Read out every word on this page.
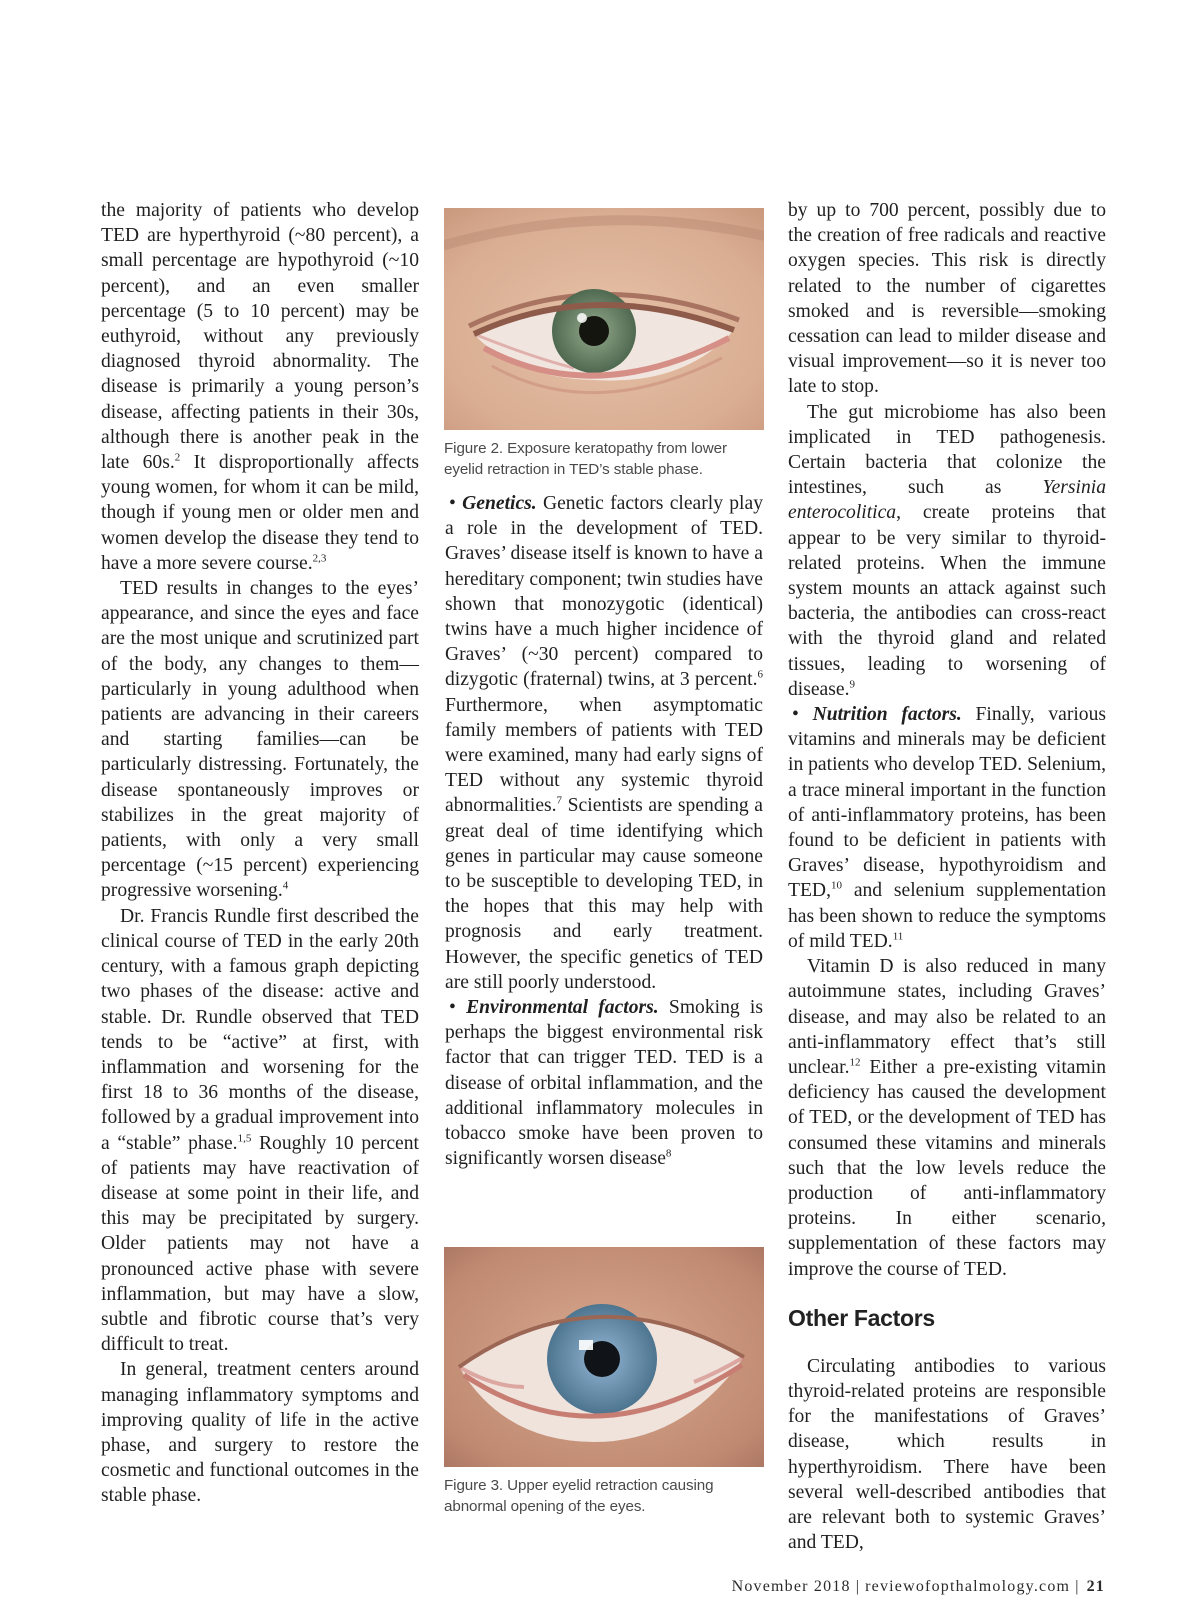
the majority of patients who develop TED are hyperthyroid (~80 percent), a small percentage are hypothyroid (~10 percent), and an even smaller percentage (5 to 10 percent) may be euthyroid, without any previously diagnosed thyroid abnormality. The disease is primarily a young person’s disease, affecting patients in their 30s, although there is another peak in the late 60s.$^2$ It disproportionally affects young women, for whom it can be mild, though if young men or older men and women develop the disease they tend to have a more severe course.$^{2,3}$

TED results in changes to the eyes’ appearance, and since the eyes and face are the most unique and scrutinized part of the body, any changes to them—particularly in young adulthood when patients are advancing in their careers and starting families—can be particularly distressing. Fortunately, the disease spontaneously improves or stabilizes in the great majority of patients, with only a very small percentage (~15 percent) experiencing progressive worsening.$^4$

Dr. Francis Rundle first described the clinical course of TED in the early 20th century, with a famous graph depicting two phases of the disease: active and stable. Dr. Rundle observed that TED tends to be “active” at first, with inflammation and worsening for the first 18 to 36 months of the disease, followed by a gradual improvement into a “stable” phase.$^{1,5}$ Roughly 10 percent of patients may have reactivation of disease at some point in their life, and this may be precipitated by surgery. Older patients may not have a pronounced active phase with severe inflammation, but may have a slow, subtle and fibrotic course that’s very difficult to treat.

In general, treatment centers around managing inflammatory symptoms and improving quality of life in the active phase, and surgery to restore the cosmetic and functional outcomes in the stable phase.

Figure 2. Exposure keratopathy from lower eyelid retraction in TED’s stable phase.

• Genetics. Genetic factors clearly play a role in the development of TED. Graves’ disease itself is known to have a hereditary component; twin studies have shown that monozygotic (identical) twins have a much higher incidence of Graves’ (~30 percent) compared to dizygotic (fraternal) twins, at 3 percent.$^6$ Furthermore, when asymptomatic family members of patients with TED were examined, many had early signs of TED without any systemic thyroid abnormalities.$^7$ Scientists are spending a great deal of time identifying which genes in particular may cause someone to be susceptible to developing TED, in the hopes that this may help with prognosis and early treatment. However, the specific genetics of TED are still poorly understood.

• Environmental factors. Smoking is perhaps the biggest environmental risk factor that can trigger TED. TED is a disease of orbital inflammation, and the additional inflammatory molecules in tobacco smoke have been proven to significantly worsen disease$^8$

Figure 3. Upper eyelid retraction causing abnormal opening of the eyes.

by up to 700 percent, possibly due to the creation of free radicals and reactive oxygen species. This risk is directly related to the number of cigarettes smoked and is reversible—smoking cessation can lead to milder disease and visual improvement—so it is never too late to stop.

The gut microbiome has also been implicated in TED pathogenesis. Certain bacteria that colonize the intestines, such as Yersinia enterocolitica, create proteins that appear to be very similar to thyroid-related proteins. When the immune system mounts an attack against such bacteria, the antibodies can cross-react with the thyroid gland and related tissues, leading to worsening of disease.$^9$

• Nutrition factors. Finally, various vitamins and minerals may be deficient in patients who develop TED. Selenium, a trace mineral important in the function of anti-inflammatory proteins, has been found to be deficient in patients with Graves’ disease, hypothyroidism and TED,$^{10}$ and selenium supplementation has been shown to reduce the symptoms of mild TED.$^{11}$

Vitamin D is also reduced in many autoimmune states, including Graves’ disease, and may also be related to an anti-inflammatory effect that’s still unclear.$^{12}$ Either a pre-existing vitamin deficiency has caused the development of TED, or the development of TED has consumed these vitamins and minerals such that the low levels reduce the production of anti-inflammatory proteins. In either scenario, supplementation of these factors may improve the course of TED.

Other Factors

Circulating antibodies to various thyroid-related proteins are responsible for the manifestations of Graves’ disease, which results in hyperthyroidism. There have been several well-described antibodies that are relevant both to systemic Graves’ and TED,

November 2018 | reviewofopthalmology.com | 21
